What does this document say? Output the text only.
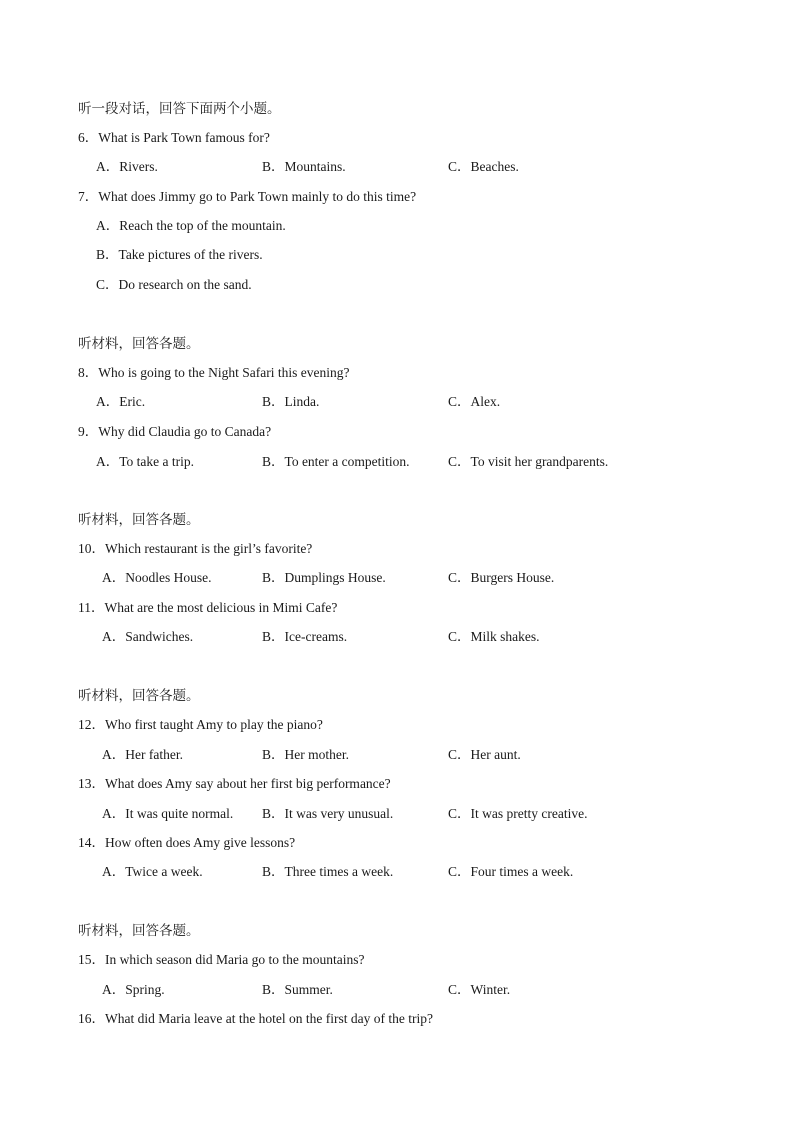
听一段对话，回答下面两个小题。
6．What is Park Town famous for?
A．Rivers.	B．Mountains.	C．Beaches.
7．What does Jimmy go to Park Town mainly to do this time?
A．Reach the top of the mountain.
B．Take pictures of the rivers.
C．Do research on the sand.
听材料，回答各题。
8．Who is going to the Night Safari this evening?
A．Eric.	B．Linda.	C．Alex.
9．Why did Claudia go to Canada?
A．To take a trip.	B．To enter a competition.	C．To visit her grandparents.
听材料，回答各题。
10．Which restaurant is the girl’s favorite?
A．Noodles House.	B．Dumplings House.	C．Burgers House.
11．What are the most delicious in Mimi Cafe?
A．Sandwiches.	B．Ice-creams.	C．Milk shakes.
听材料，回答各题。
12．Who first taught Amy to play the piano?
A．Her father.	B．Her mother.	C．Her aunt.
13．What does Amy say about her first big performance?
A．It was quite normal. B．It was very unusual.	C．It was pretty creative.
14．How often does Amy give lessons?
A．Twice a week.	B．Three times a week.	C．Four times a week.
听材料，回答各题。
15．In which season did Maria go to the mountains?
A．Spring.	B．Summer.	C．Winter.
16．What did Maria leave at the hotel on the first day of the trip?
